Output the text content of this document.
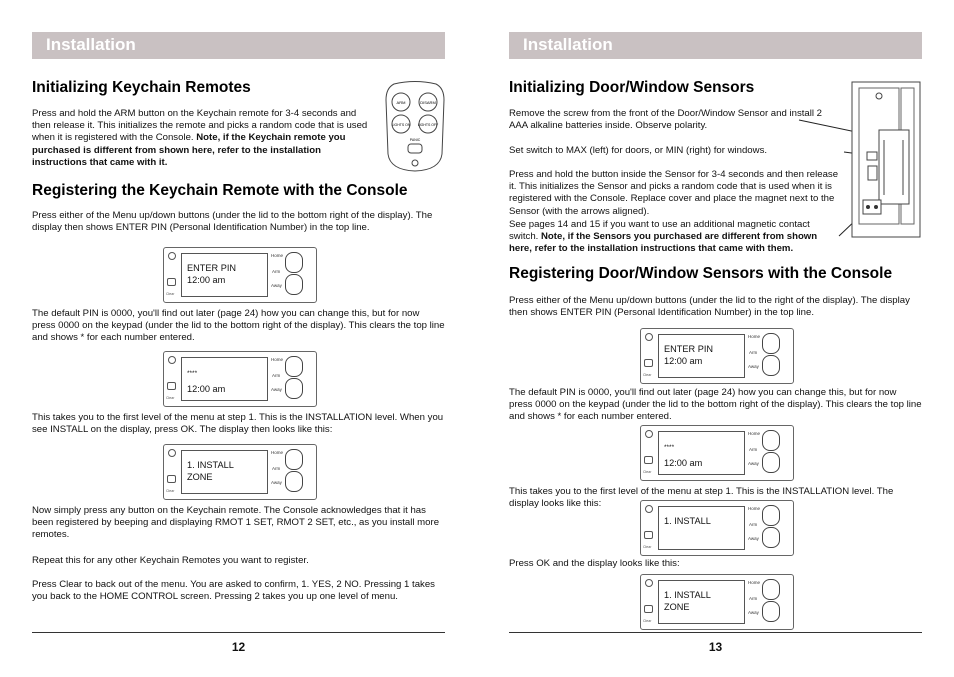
Installation
Initializing Keychain Remotes

Press and hold the ARM button on the Keychain remote for 3-4 seconds and then release it. This initializes the remote and picks a random code that is used when it is registered with the Console. Note, if the Keychain remote you purchased is different from shown here, refer to the installation instructions that came with it.

ARM	DISARM
LIGHTS ON LIGHTS OFF
PANIC
Registering the Keychain Remote with the Console

Press either of the Menu up/down buttons (under the lid to the bottom right of the display). The display then shows ENTER PIN (Personal Identification Number) in the top line.

Clear
ENTER PIN
12:00 am
Home
Arm
Away

The default PIN is 0000, you'll find out later (page 24) how you can change this, but for now press 0000 on the keypad (under the lid to the bottom right of the display). This clears the top line and shows * for each number entered.

Clear
****
12:00 am
Home
Arm
Away

This takes you to the first level of the menu at step 1. This is the INSTALLATION level. When you see INSTALL on the display, press OK. The display then looks like this:

Clear
1. INSTALL
ZONE
Home
Arm
Away

Now simply press any button on the Keychain remote. The Console acknowledges that it has been registered by beeping and displaying RMOT 1 SET, RMOT 2 SET, etc., as you install more remotes.

Repeat this for any other Keychain Remotes you want to register.

Press Clear to back out of the menu. You are asked to confirm, 1. YES, 2 NO. Pressing 1 takes you back to the HOME CONTROL screen. Pressing 2 takes you up one level of menu.

12
Installation
Initializing Door/Window Sensors

Remove the screw from the front of the Door/Window Sensor and install 2 AAA alkaline batteries inside. Observe polarity.

Set switch to MAX (left) for doors, or MIN (right) for windows.

Press and hold the button inside the Sensor for 3-4 seconds and then release it. This initializes the Sensor and picks a random code that is used when it is registered with the Console. Replace cover and place the magnet next to the Sensor (with the arrows aligned).

See pages 14 and 15 if you want to use an additional magnetic contact switch. Note, if the Sensors you purchased are different from shown here, refer to the installation instructions that came with them.

Registering Door/Window Sensors with the Console

Press either of the Menu up/down buttons (under the lid to the right of the display). The display then shows ENTER PIN (Personal Identification Number) in the top line.

Clear
ENTER PIN
12:00 am
Home
Arm
Away

The default PIN is 0000, you'll find out later (page 24) how you can change this, but for now press 0000 on the keypad (under the lid to the bottom right of the display). This clears the top line and shows * for each number entered.

Clear
****
12:00 am
Home
Arm
Away

This takes you to the first level of the menu at step 1. This is the INSTALLATION level. The display looks like this:

Clear
1. INSTALL
Home
Arm
Away

Press OK and the display looks like this:

Clear
1. INSTALL
ZONE
Home
Arm
Away
13
